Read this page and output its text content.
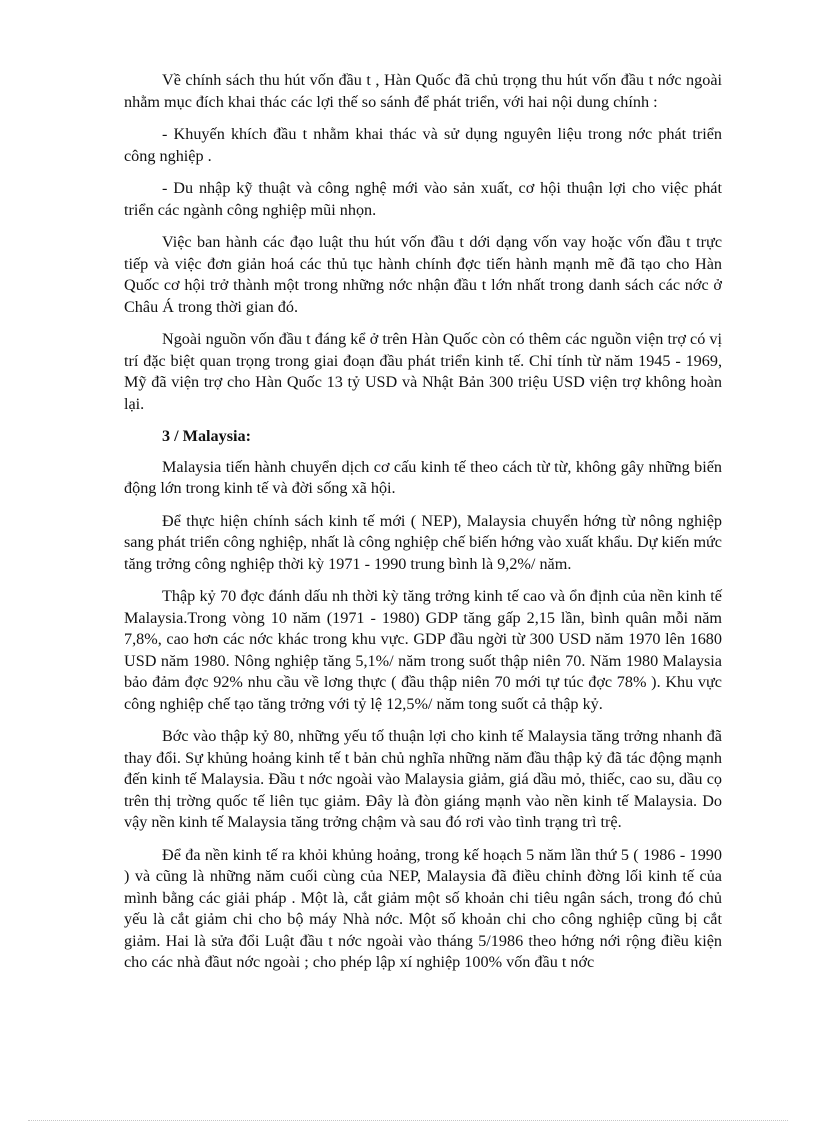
Về chính sách thu hút vốn đầu t , Hàn Quốc đã chủ trọng thu hút vốn đầu t nớc ngoài nhằm mục đích khai thác các lợi thế so sánh để phát triển, với hai nội dung chính :

- Khuyến khích đầu t nhằm khai thác và sử dụng nguyên liệu trong nớc phát triển công nghiệp .

- Du nhập kỹ thuật và công nghệ mới vào sản xuất, cơ hội thuận lợi cho việc phát triển các ngành công nghiệp mũi nhọn.

Việc ban hành các đạo luật thu hút vốn đầu t dới dạng vốn vay hoặc vốn đầu t trực tiếp và việc đơn giản hoá các thủ tục hành chính đợc tiến hành mạnh mẽ đã tạo cho Hàn Quốc cơ hội trở thành một trong những nớc nhận đầu t lớn nhất trong danh sách các nớc ở Châu Á trong thời gian đó.

Ngoài nguồn vốn đầu t đáng kể ở trên Hàn Quốc còn có thêm các nguồn viện trợ có vị trí đặc biệt quan trọng trong giai đoạn đầu phát triển kinh tế. Chỉ tính từ năm 1945 - 1969, Mỹ đã viện trợ cho Hàn Quốc 13 tỷ USD và Nhật Bản 300 triệu USD viện trợ không hoàn lại.

3 / Malaysia:

Malaysia tiến hành chuyển dịch cơ cấu kinh tế theo cách từ từ, không gây những biến động lớn trong kinh tế và đời sống xã hội.

Để thực hiện chính sách kinh tế mới ( NEP), Malaysia chuyển hớng từ nông nghiệp sang phát triển công nghiệp, nhất là công nghiệp chế biến hớng vào xuất khẩu. Dự kiến mức tăng trởng công nghiệp thời kỳ 1971 - 1990 trung bình là 9,2%/ năm.

Thập kỷ 70 đợc đánh dấu nh thời kỳ tăng trởng kinh tế cao và ổn định của nền kinh tế Malaysia.Trong vòng 10 năm (1971 - 1980) GDP tăng gấp 2,15 lần, bình quân mỗi năm 7,8%, cao hơn các nớc khác trong khu vực. GDP đầu ngời từ 300 USD năm 1970 lên 1680 USD năm 1980. Nông nghiệp tăng 5,1%/ năm trong suốt thập niên 70. Năm 1980 Malaysia bảo đảm đợc 92% nhu cầu về lơng thực ( đầu thập niên 70 mới tự túc đợc 78% ). Khu vực công nghiệp chế tạo tăng trởng với tỷ lệ 12,5%/ năm tong suốt cả thập kỷ.

Bớc vào thập kỷ 80, những yếu tố thuận lợi cho kinh tế Malaysia tăng trởng nhanh đã thay đổi. Sự khủng hoảng kinh tế t bản chủ nghĩa những năm đầu thập kỷ đã tác động mạnh đến kinh tế Malaysia. Đầu t nớc ngoài vào Malaysia giảm, giá dầu mỏ, thiếc, cao su, dầu cọ trên thị trờng quốc tế liên tục giảm. Đây là đòn giáng mạnh vào nền kinh tế Malaysia. Do vậy nền kinh tế Malaysia tăng trởng chậm và sau đó rơi vào tình trạng trì trệ.

Để đa nền kinh tế ra khỏi khủng hoảng, trong kế hoạch 5 năm lần thứ 5 ( 1986 - 1990 ) và cũng là những năm cuối cùng của NEP, Malaysia đã điều chỉnh đờng lối kinh tế của mình bằng các giải pháp . Một là, cắt giảm một số khoản chi tiêu ngân sách, trong đó chủ yếu là cắt giảm chi cho bộ máy Nhà nớc. Một số khoản chi cho công nghiệp cũng bị cắt giảm. Hai là sửa đổi Luật đầu t nớc ngoài vào tháng 5/1986 theo hớng nới rộng điều kiện cho các nhà đầut nớc ngoài ; cho phép lập xí nghiệp 100% vốn đầu t nớc
